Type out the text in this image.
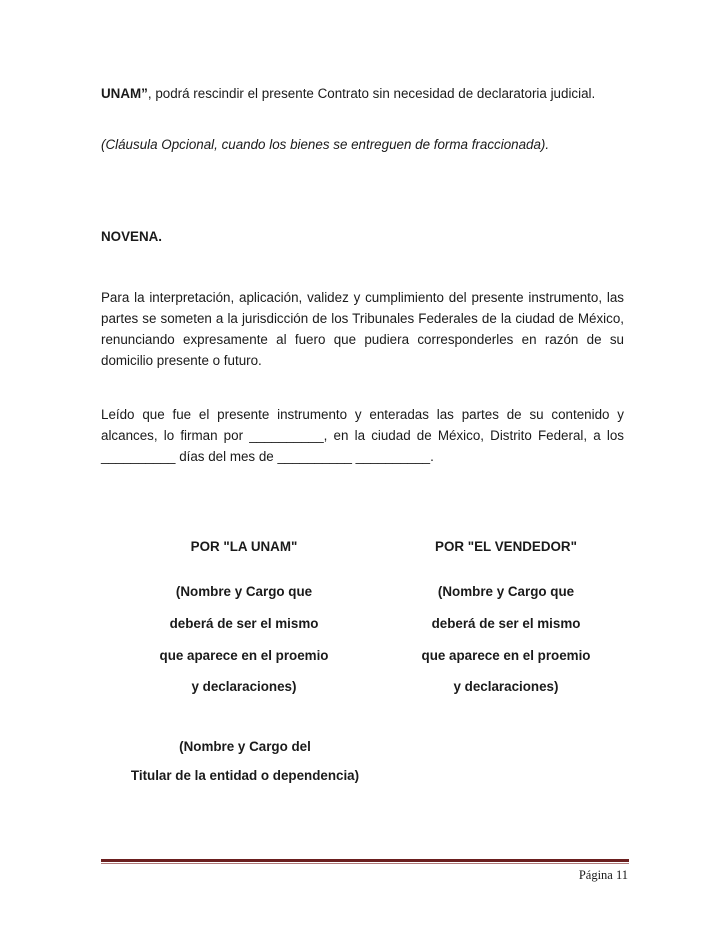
UNAM”, podrá rescindir el presente Contrato sin necesidad de declaratoria judicial.

(Cláusula Opcional, cuando los bienes se entreguen de forma fraccionada).

NOVENA.

Para la interpretación, aplicación, validez y cumplimiento del presente instrumento, las partes se someten a la jurisdicción de los Tribunales Federales de la ciudad de México, renunciando expresamente al fuero que pudiera corresponderles en razón de su domicilio presente o futuro.

Leído que fue el presente instrumento y enteradas las partes de su contenido y alcances, lo firman por __________, en la ciudad de México, Distrito Federal, a los __________ días del mes de __________ __________.

POR "LA UNAM"

(Nombre y Cargo que

deberá de ser el mismo

que aparece en el proemio

y declaraciones)

POR "EL VENDEDOR"

(Nombre y Cargo que

deberá de ser el mismo

que aparece en el proemio

y declaraciones)

(Nombre y Cargo del

Titular de la entidad o dependencia)

Página 11
